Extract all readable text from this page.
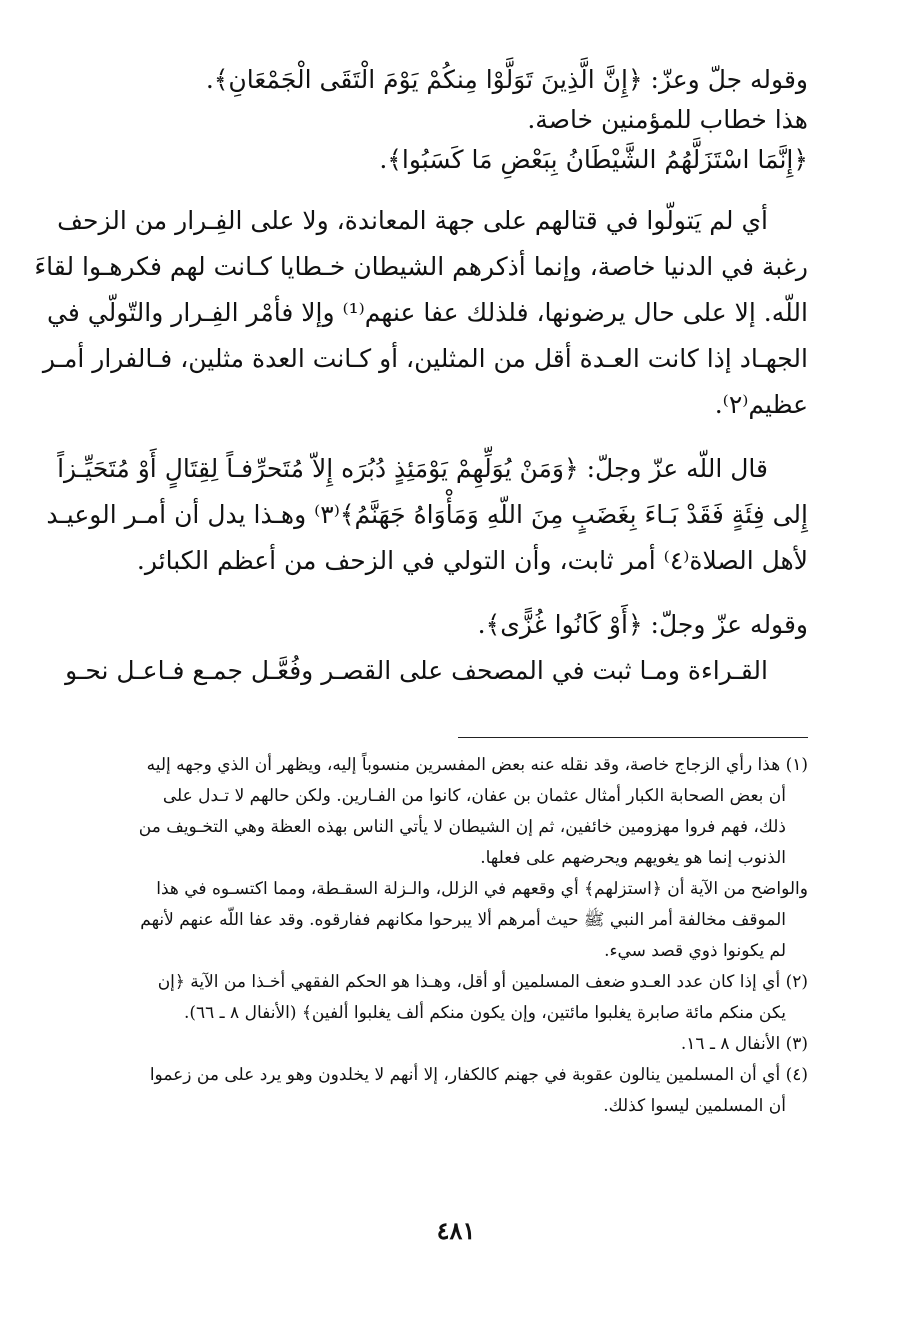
وقوله جلّ وعزّ: ﴿إِنَّ الَّذِينَ تَوَلَّوْا مِنكُمْ يَوْمَ الْتَقَى الْجَمْعَانِ﴾.
هذا خطاب للمؤمنين خاصة.
﴿إِنَّمَا اسْتَزَلَّهُمُ الشَّيْطَانُ بِبَعْضِ مَا كَسَبُوا﴾.
أي لم يَتولّوا في قتالهم على جهة المعاندة، ولا على الفِـرار من الزحف
رغبة في الدنيا خاصة، وإنما أذكرهم الشيطان خـطايا كـانت لهم فكرهـوا لقاءَ
اللّه. إلا على حال يرضونها، فلذلك عفا عنهم⁽¹⁾ وإلا فأمْر الفِـرار والتّولّي في
الجهـاد إذا كانت العـدة أقل من المثلين، أو كـانت العدة مثلين، فـالفرار أمـر
عظيم⁽٢⁾.
قال اللّه عزّ وجلّ: ﴿وَمَنْ يُوَلِّهِمْ يَوْمَئِذٍ دُبُرَه إِلاّ مُتَحرِّفـاً لِقِتَالٍ أَوْ مُتَحَيِّـزاً
إِلى فِئَةٍ فَقَدْ بَـاءَ بِغَضَبٍ مِنَ اللّهِ وَمَأْوَاهُ جَهَنَّمُ﴾⁽٣⁾ وهـذا يدل أن أمـر الوعيـد
لأهل الصلاة⁽٤⁾ أمر ثابت، وأن التولي في الزحف من أعظم الكبائر.
وقوله عزّ وجلّ: ﴿أَوْ كَانُوا غُزًّى﴾.
القـراءة ومـا ثبت في المصحف على القصـر وفُعَّـل جمـع فـاعـل نحـو
(١) هذا رأي الزجاج خاصة، وقد نقله عنه بعض المفسرين منسوباً إليه، ويظهر أن الذي وجهه إليه
أن بعض الصحابة الكبار أمثال عثمان بن عفان، كانوا من الفـارين. ولكن حالهم لا تـدل على
ذلك، فهم فروا مهزومين خائفين، ثم إن الشيطان لا يأتي الناس بهذه العظة وهي التخـويف من
الذنوب إنما هو يغويهم ويحرضهم على فعلها.
والواضح من الآية أن ﴿استزلهم﴾ أي وقعهم في الزلل، والـزلة السقـطة، ومما اكتسـوه في هذا
الموقف مخالفة أمر النبي ﷺ حيث أمرهم ألا يبرحوا مكانهم ففارقوه. وقد عفا اللّه عنهم لأنهم
لم يكونوا ذوي قصد سيء.
(٢) أي إذا كان عدد العـدو ضعف المسلمين أو أقل، وهـذا هو الحكم الفقهي أخـذا من الآية ﴿إن
يكن منكم مائة صابرة يغلبوا مائتين، وإن يكون منكم ألف يغلبوا ألفين﴾ (الأنفال ٨ ـ ٦٦).
(٣) الأنفال ٨ ـ ١٦.
(٤) أي أن المسلمين ينالون عقوبة في جهنم كالكفار، إلا أنهم لا يخلدون وهو يرد على من زعموا
أن المسلمين ليسوا كذلك.
٤٨١
